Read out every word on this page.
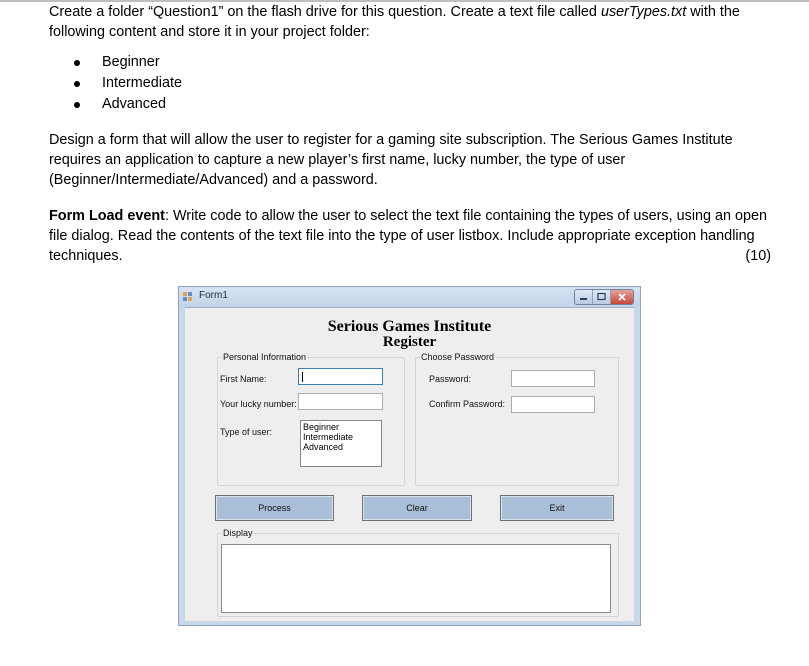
Create a folder “Question1” on the flash drive for this question. Create a text file called userTypes.txt with the following content and store it in your project folder:

Beginner
Intermediate
Advanced

Design a form that will allow the user to register for a gaming site subscription. The Serious Games Institute requires an application to capture a new player’s first name, lucky number, the type of user (Beginner/Intermediate/Advanced) and a password.

Form Load event: Write code to allow the user to select the text file containing the types of users, using an open file dialog. Read the contents of the text file into the type of user listbox. Include appropriate exception handling techniques.	(10)
Form1
Serious Games Institute
Register
Personal Information
First Name:
Your lucky number:
Type of user:	Beginner
Intermediate
Advanced
Choose Password
Password:
Confirm Password:
Process	Clear	Exit
Display
